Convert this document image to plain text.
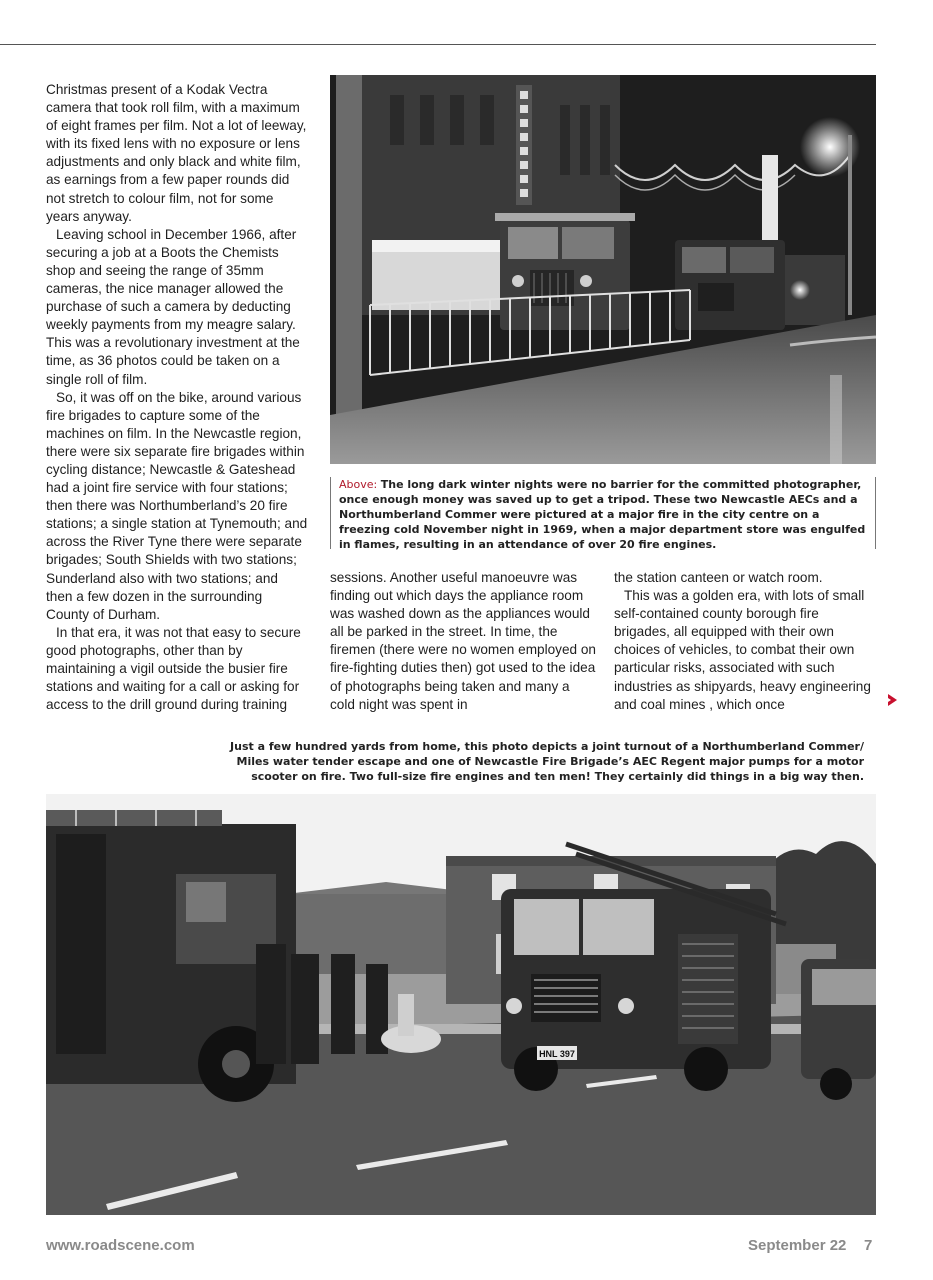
Christmas present of a Kodak Vectra camera that took roll film, with a maximum of eight frames per film. Not a lot of leeway, with its fixed lens with no exposure or lens adjustments and only black and white film, as earnings from a few paper rounds did not stretch to colour film, not for some years anyway.

Leaving school in December 1966, after securing a job at a Boots the Chemists shop and seeing the range of 35mm cameras, the nice manager allowed the purchase of such a camera by deducting weekly payments from my meagre salary. This was a revolutionary investment at the time, as 36 photos could be taken on a single roll of film.

So, it was off on the bike, around various fire brigades to capture some of the machines on film. In the Newcastle region, there were six separate fire brigades within cycling distance; Newcastle & Gateshead had a joint fire service with four stations; then there was Northumberland’s 20 fire stations; a single station at Tynemouth; and across the River Tyne there were separate brigades; South Shields with two stations; Sunderland also with two stations; and then a few dozen in the surrounding County of Durham.

In that era, it was not that easy to secure good photographs, other than by maintaining a vigil outside the busier fire stations and waiting for a call or asking for access to the drill ground during training

Above: The long dark winter nights were no barrier for the committed photographer, once enough money was saved up to get a tripod. These two Newcastle AECs and a Northumberland Commer were pictured at a major fire in the city centre on a freezing cold November night in 1969, when a major department store was engulfed in flames, resulting in an attendance of over 20 fire engines.

sessions. Another useful manoeuvre was finding out which days the appliance room was washed down as the appliances would all be parked in the street. In time, the firemen (there were no women employed on fire-fighting duties then) got used to the idea of photographs being taken and many a cold night was spent in

the station canteen or watch room.

This was a golden era, with lots of small self-contained county borough fire brigades, all equipped with their own choices of vehicles, to combat their own particular risks, associated with such industries as shipyards, heavy engineering and coal mines , which once

Just a few hundred yards from home, this photo depicts a joint turnout of a Northumberland Commer/ Miles water tender escape and one of Newcastle Fire Brigade’s AEC Regent major pumps for a motor scooter on fire. Two full-size fire engines and ten men! They certainly did things in a big way then.
HNL 397
www.roadscene.com	September 22 7
